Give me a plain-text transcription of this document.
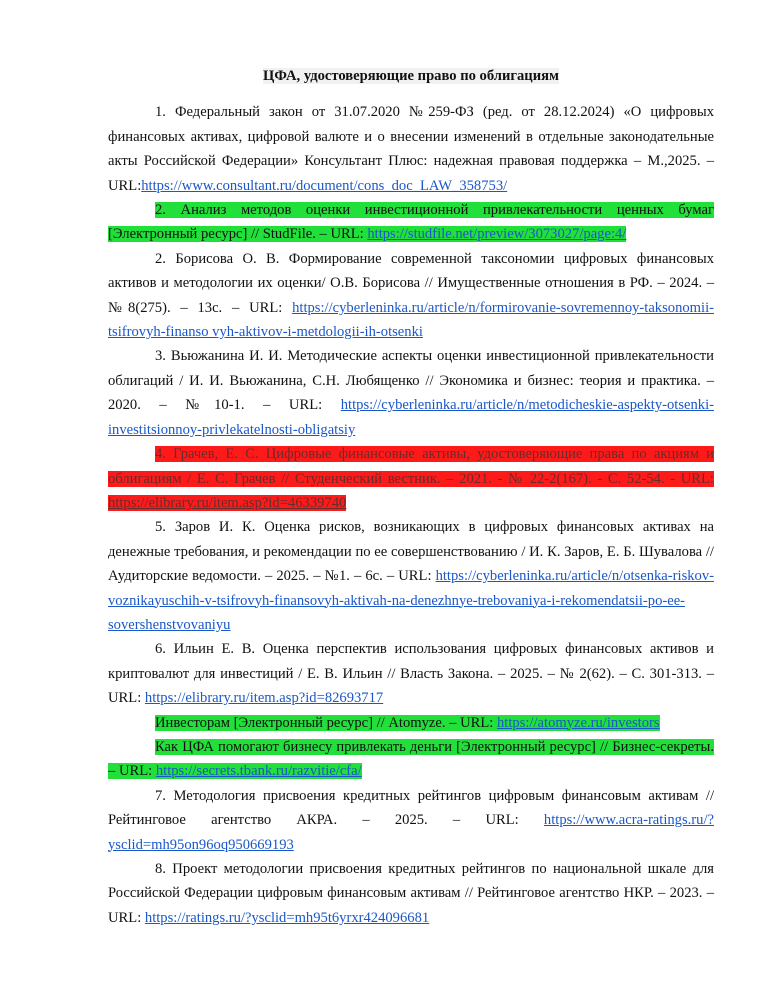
ЦФА, удостоверяющие право по облигациям

1. Федеральный закон от 31.07.2020 №259-ФЗ (ред. от 28.12.2024) «О цифровых финансовых активах, цифровой валюте и о внесении изменений в отдельные законодательные акты Российской Федерации» Консультант Плюс: надежная правовая поддержка – М.,2025. – URL:https://www.consultant.ru/document/cons_doc_LAW_358753/

2. Анализ методов оценки инвестиционной привлекательности ценных бумаг [Электронный ресурс] // StudFile. – URL: https://studfile.net/preview/3073027/page:4/

2. Борисова О. В. Формирование современной таксономии цифровых финансовых активов и методологии их оценки/ О.В. Борисова // Имущественные отношения в РФ. – 2024. – №8(275). – 13с. – URL: https://cyberleninka.ru/article/n/formirovanie-sovremennoy-taksonomii-tsifrovyh-finanso vyh-aktivov-i-metdologii-ih-otsenki

3. Вьюжанина И. И. Методические аспекты оценки инвестиционной привлекательности облигаций / И. И. Вьюжанина, С.Н. Любященко // Экономика и бизнес: теория и практика. – 2020. – №10-1. – URL: https://cyberleninka.ru/article/n/metodicheskie-aspekty-otsenki-investitsionnoy-privlekatelnosti-obligatsiy

4. Грачев, Е. С. Цифровые финансовые активы, удостоверяющие права по акциям и облигациям / Е. С. Грачев // Студенческий вестник. – 2021. - № 22-2(167). - С. 52-54. - URL: https://elibrary.ru/item.asp?id=46339740

5. Заров И. К. Оценка рисков, возникающих в цифровых финансовых активах на денежные требования, и рекомендации по ее совершенствованию / И. К. Заров, Е. Б. Шувалова // Аудиторские ведомости. – 2025. – №1. – 6с. – URL: https://cyberleninka.ru/article/n/otsenka-riskov-voznikayuschih-v-tsifrovyh-finansovyh-aktivah-na-denezhnye-trebovaniya-i-rekomendatsii-po-ee-sovershenstvovaniyu

6. Ильин Е. В. Оценка перспектив использования цифровых финансовых активов и криптовалют для инвестиций / Е. В. Ильин // Власть Закона. – 2025. – № 2(62). – С. 301-313. – URL: https://elibrary.ru/item.asp?id=82693717

Инвесторам [Электронный ресурс] // Atomyze. – URL: https://atomyze.ru/investors

Как ЦФА помогают бизнесу привлекать деньги [Электронный ресурс] // Бизнес-секреты. – URL: https://secrets.tbank.ru/razvitie/cfa/

7. Методология присвоения кредитных рейтингов цифровым финансовым активам // Рейтинговое агентство АКРА. – 2025. – URL: https://www.acra-ratings.ru/?ysclid=mh95on96oq950669193

8. Проект методологии присвоения кредитных рейтингов по национальной шкале для Российской Федерации цифровым финансовым активам // Рейтинговое агентство НКР. – 2023. – URL: https://ratings.ru/?ysclid=mh95t6yrxr424096681
